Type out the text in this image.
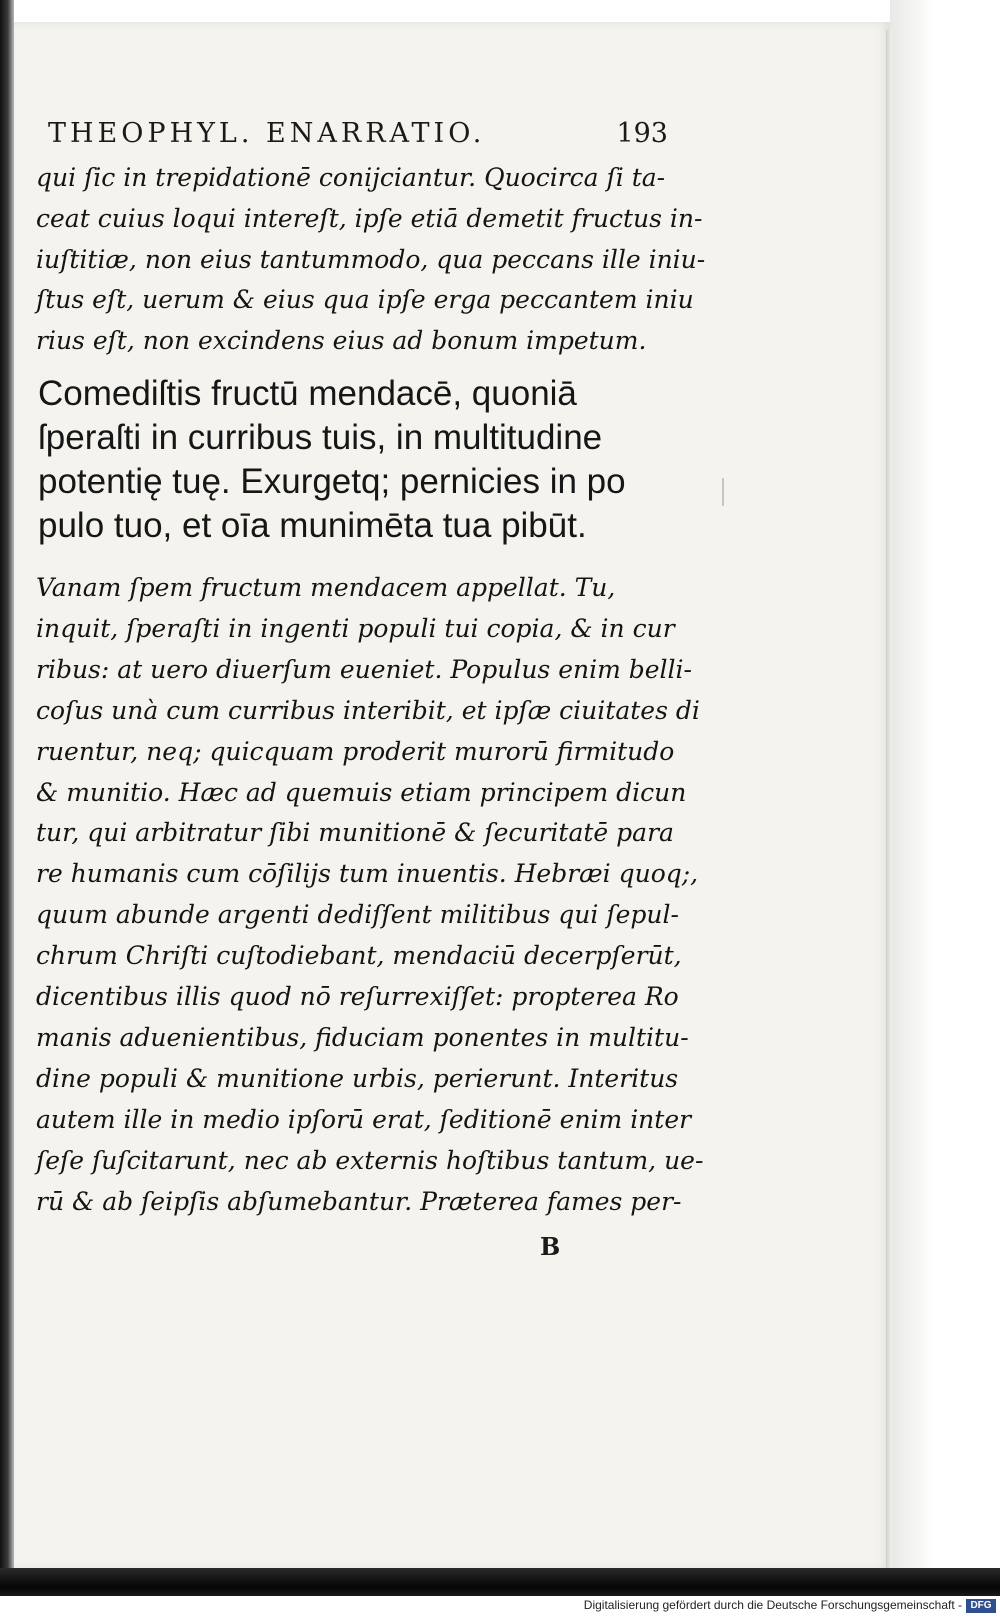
THEOPHYL. ENARRATIO.	193
qui ſic in trepidationē conijciantur. Quocirca ſi ta-
ceat cuius loqui intereſt, ipſe etiā demetit fructus in-
iuſtitiæ, non eius tantummodo, qua peccans ille iniu-
ſtus eſt, uerum & eius qua ipſe erga peccantem iniu
rius eſt, non excindens eius ad bonum impetum.
Comediſtis fructū mendacē, quoniā
ſperaſti in curribus tuis, in multitudine
potentię tuę. Exurgetq; pernicies in po
pulo tuo, et oīa munimēta tua pibūt.
Vanam ſpem fructum mendacem appellat. Tu,
inquit, ſperaſti in ingenti populi tui copia, & in cur
ribus: at uero diuerſum eueniet. Populus enim belli-
coſus unà cum curribus interibit, et ipſæ ciuitates di
ruentur, neq; quicquam proderit murorū firmitudo
& munitio. Hæc ad quemuis etiam principem dicun
tur, qui arbitratur ſibi munitionē & ſecuritatē para
re humanis cum cōſilijs tum inuentis. Hebræi quoq;,
quum abunde argenti dediſſent militibus qui ſepul-
chrum Chriſti cuſtodiebant, mendaciū decerpſerūt,
dicentibus illis quod nō reſurrexiſſet: propterea Ro
manis aduenientibus, fiduciam ponentes in multitu-
dine populi & munitione urbis, perierunt. Interitus
autem ille in medio ipſorū erat, ſeditionē enim inter
ſeſe ſuſcitarunt, nec ab externis hoſtibus tantum, ue-
rū & ab ſeipſis abſumebantur. Præterea fames per-
B
Digitalisierung gefördert durch die Deutsche Forschungsgemeinschaft - DFG
